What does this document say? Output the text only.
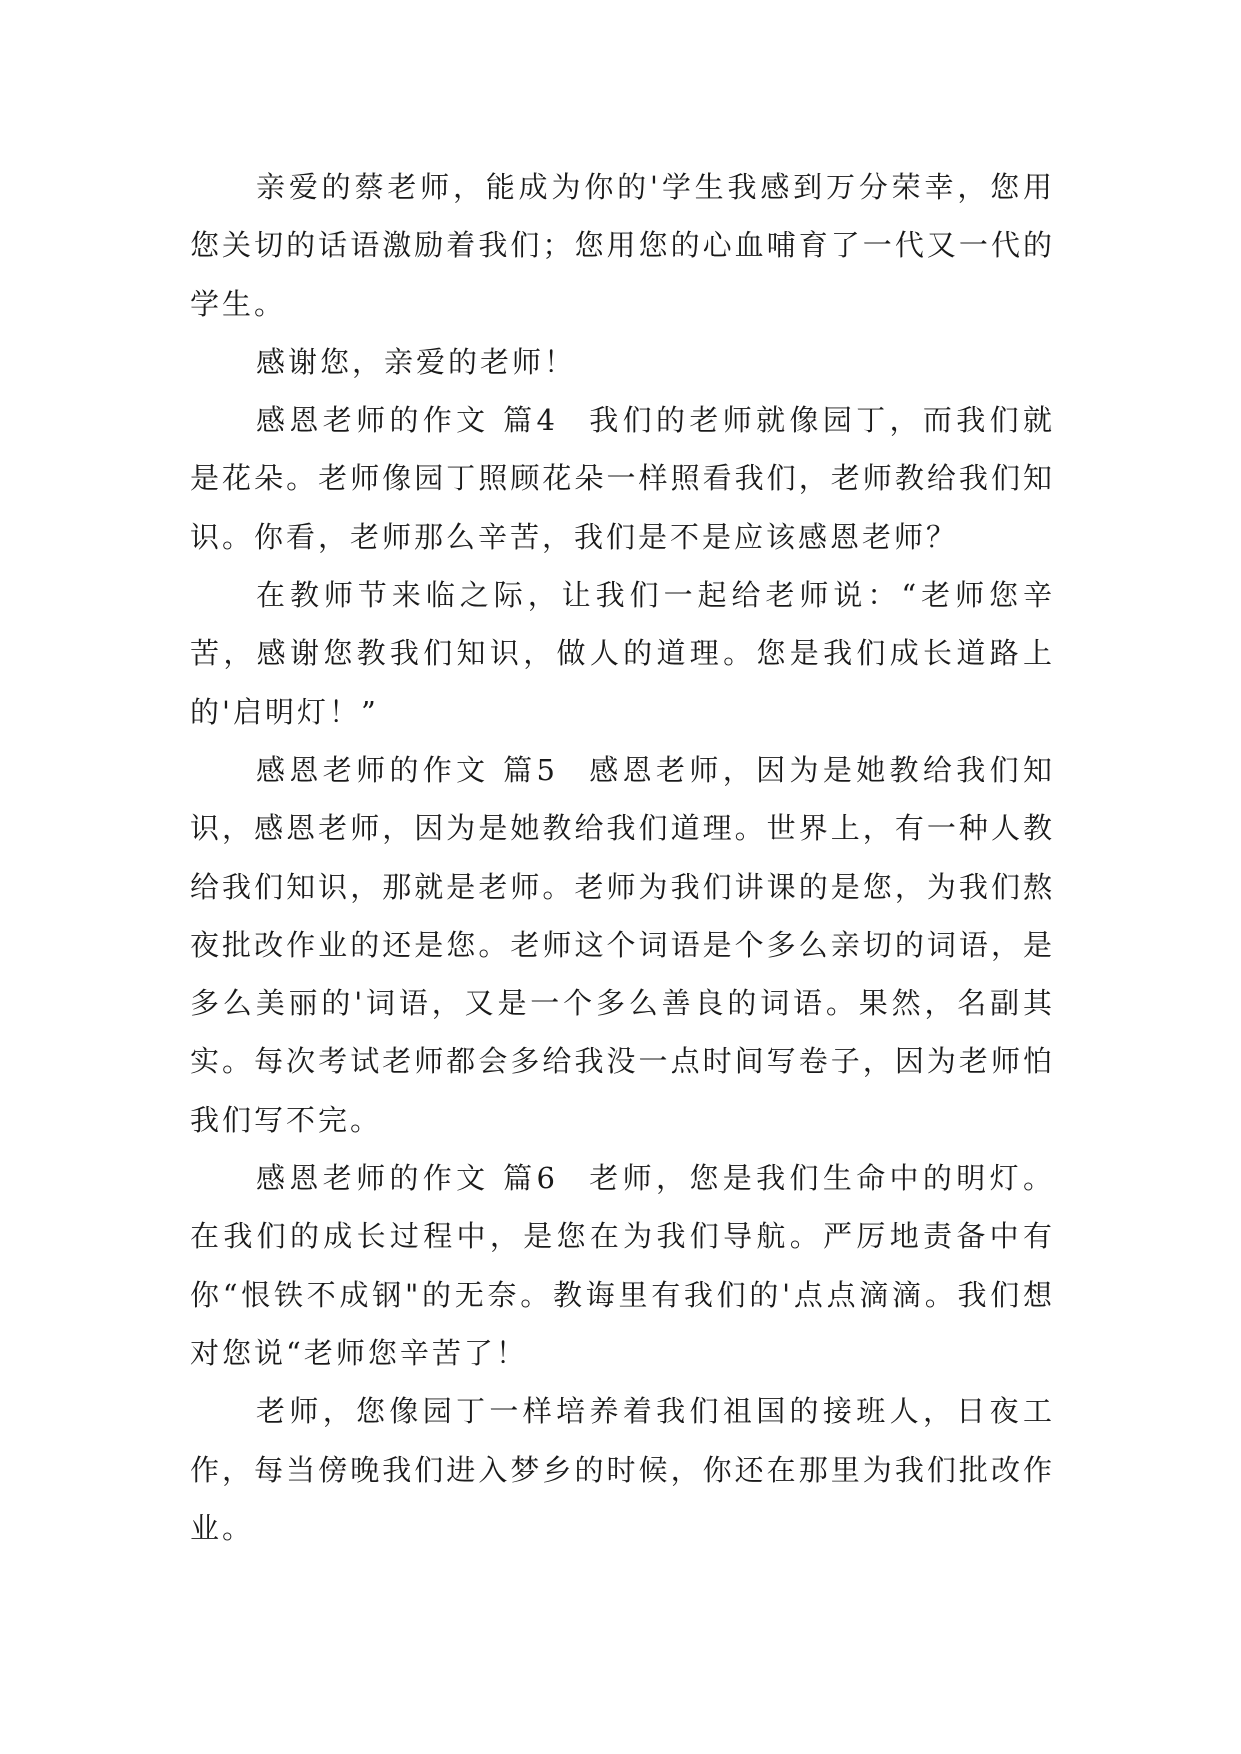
亲爱的蔡老师，能成为你的'学生我感到万分荣幸，您用您关切的话语激励着我们；您用您的心血哺育了一代又一代的学生。

感谢您，亲爱的老师！

感恩老师的作文 篇4 我们的老师就像园丁，而我们就是花朵。老师像园丁照顾花朵一样照看我们，老师教给我们知识。你看，老师那么辛苦，我们是不是应该感恩老师？

在教师节来临之际，让我们一起给老师说：“老师您辛苦，感谢您教我们知识，做人的道理。您是我们成长道路上的'启明灯！”

感恩老师的作文 篇5 感恩老师，因为是她教给我们知识，感恩老师，因为是她教给我们道理。世界上，有一种人教给我们知识，那就是老师。老师为我们讲课的是您，为我们熬夜批改作业的还是您。老师这个词语是个多么亲切的词语，是多么美丽的'词语，又是一个多么善良的词语。果然，名副其实。每次考试老师都会多给我没一点时间写卷子，因为老师怕我们写不完。

感恩老师的作文 篇6 老师，您是我们生命中的明灯。在我们的成长过程中，是您在为我们导航。严厉地责备中有你“恨铁不成钢"的无奈。教诲里有我们的'点点滴滴。我们想对您说“老师您辛苦了！

老师，您像园丁一样培养着我们祖国的接班人，日夜工作，每当傍晚我们进入梦乡的时候，你还在那里为我们批改作业。
